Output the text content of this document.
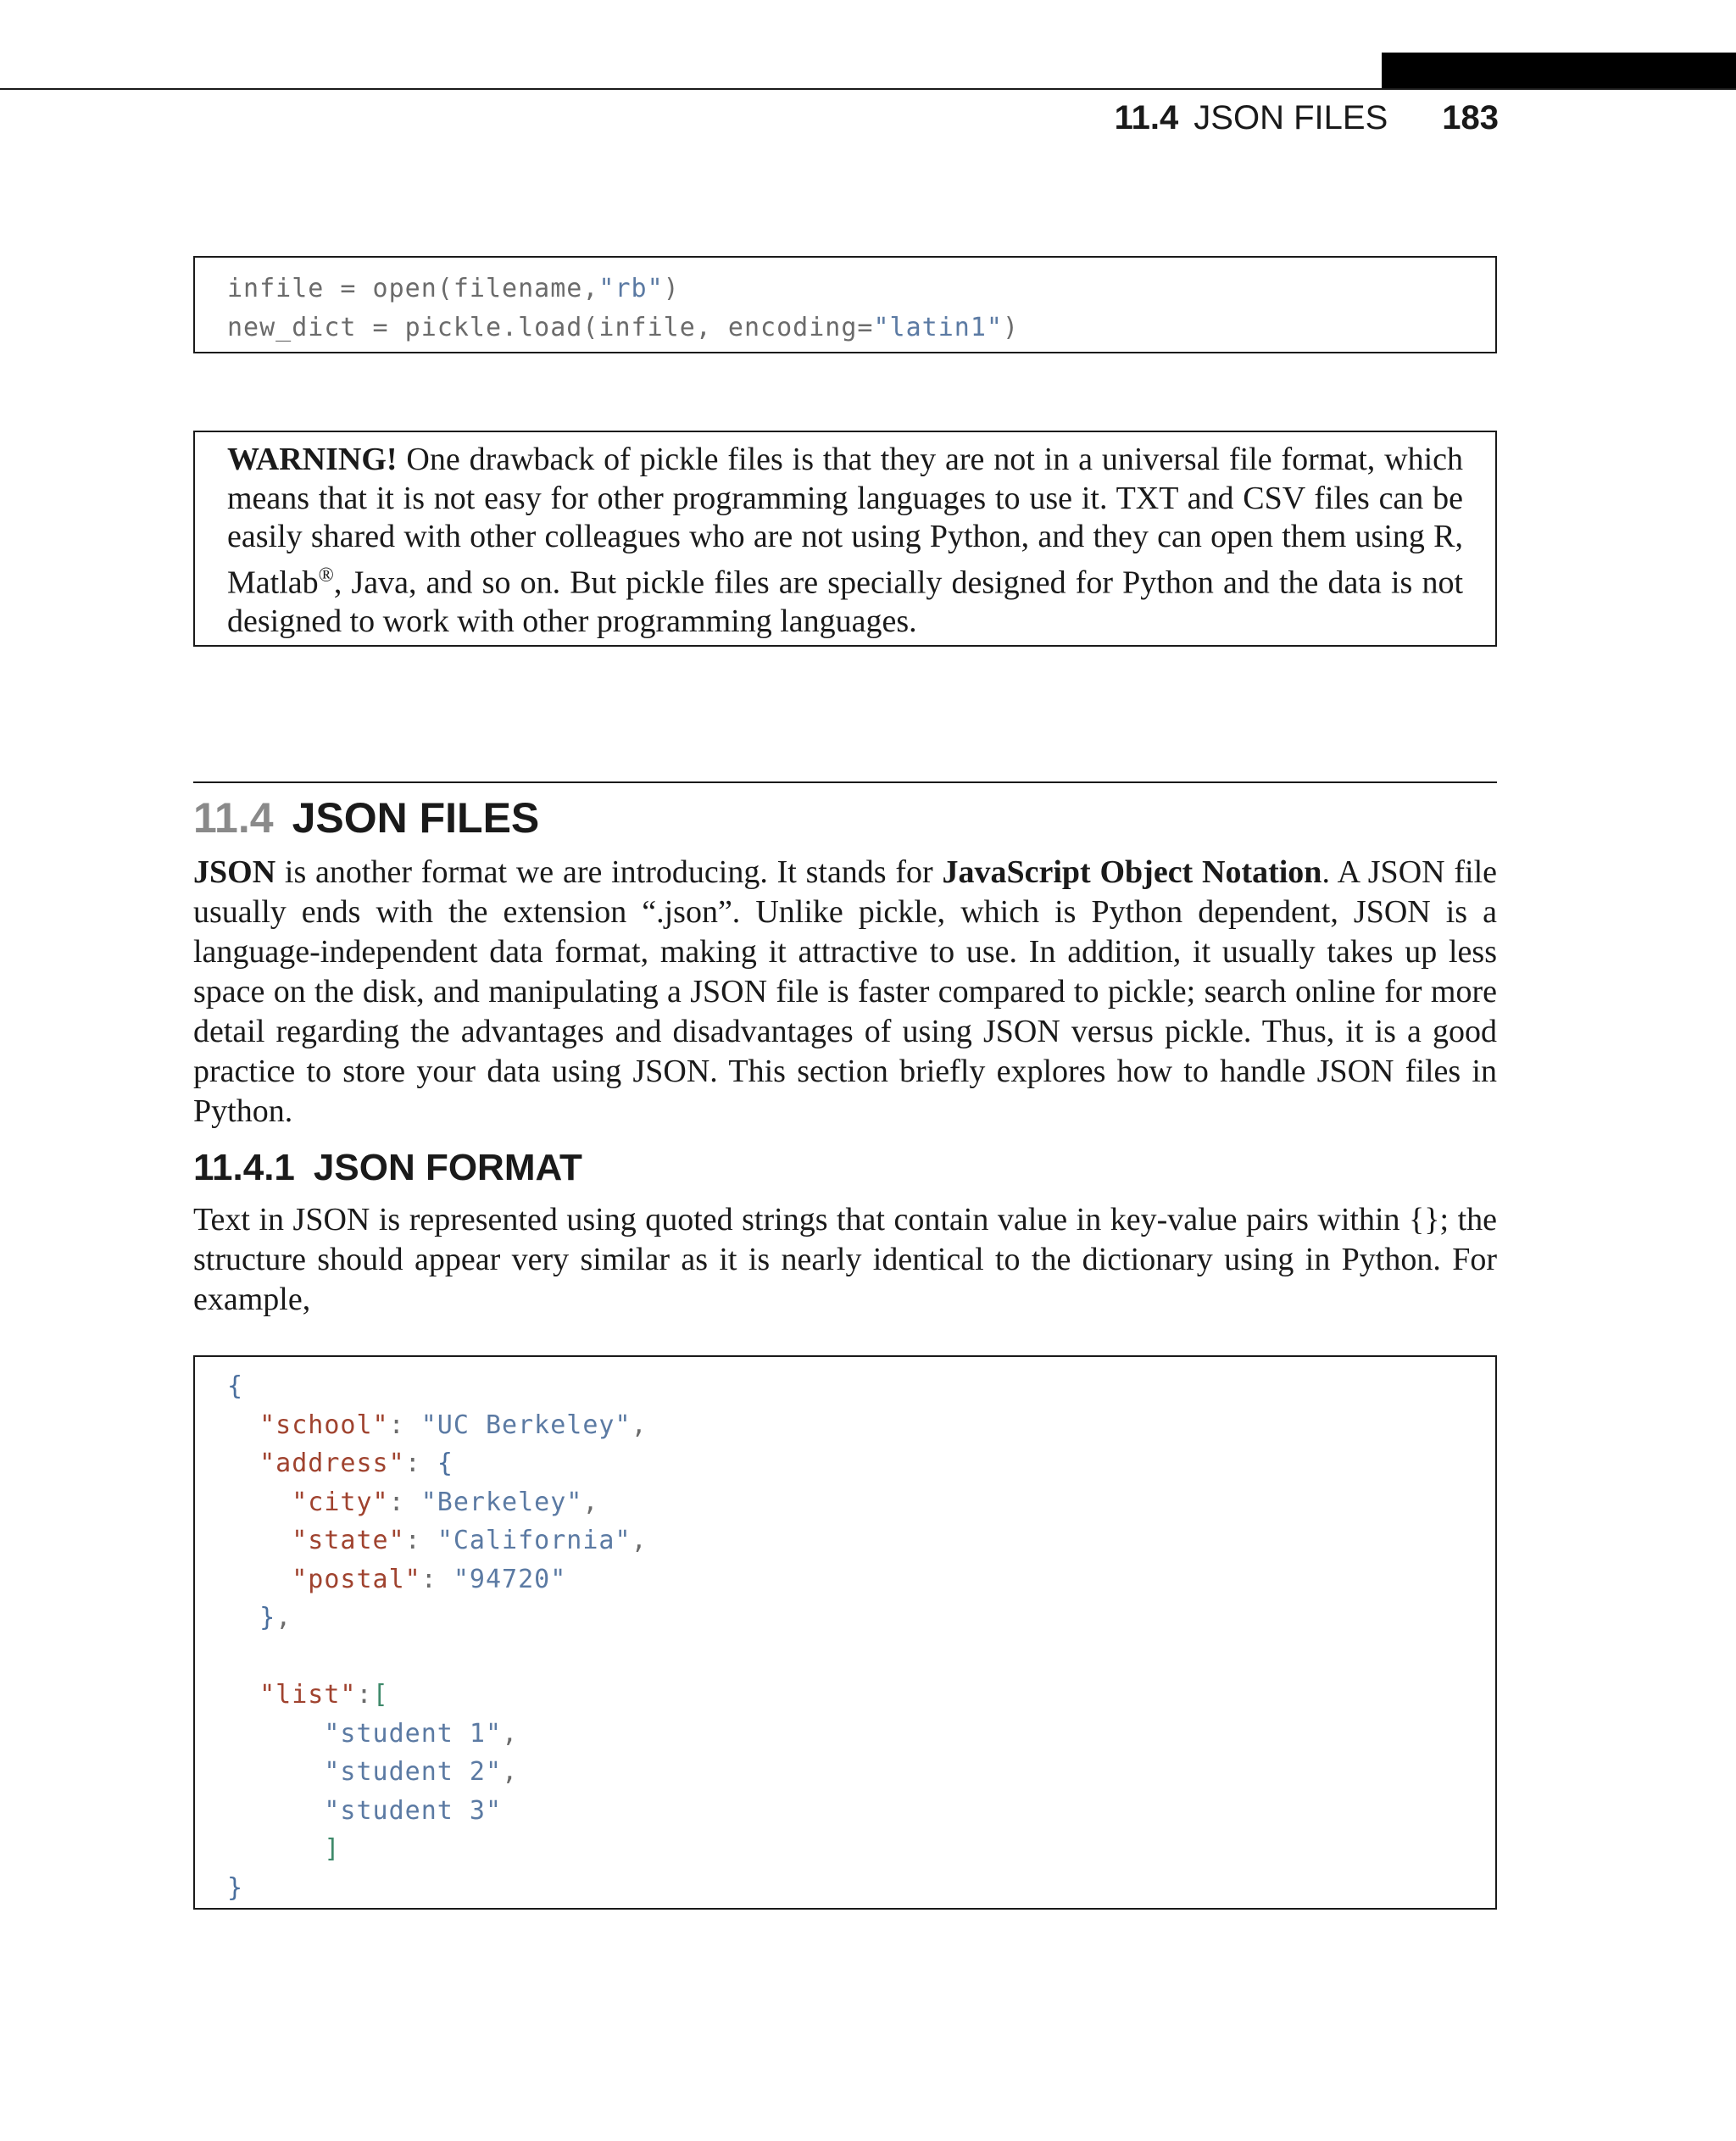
11.4 JSON FILES 183
infile = open(filename,"rb")
new_dict = pickle.load(infile, encoding="latin1")
WARNING! One drawback of pickle files is that they are not in a universal file format, which means that it is not easy for other programming languages to use it. TXT and CSV files can be easily shared with other colleagues who are not using Python, and they can open them using R, Matlab®, Java, and so on. But pickle files are specially designed for Python and the data is not designed to work with other programming languages.
11.4 JSON FILES
JSON is another format we are introducing. It stands for JavaScript Object Notation. A JSON file usually ends with the extension “.json”. Unlike pickle, which is Python dependent, JSON is a language-independent data format, making it attractive to use. In addition, it usually takes up less space on the disk, and manipulating a JSON file is faster compared to pickle; search online for more detail regarding the advantages and disadvantages of using JSON versus pickle. Thus, it is a good practice to store your data using JSON. This section briefly explores how to handle JSON files in Python.
11.4.1 JSON FORMAT
Text in JSON is represented using quoted strings that contain value in key-value pairs within {}; the structure should appear very similar as it is nearly identical to the dictionary using in Python. For example,
{
"school": "UC Berkeley",
"address": {
"city": "Berkeley",
"state": "California",
"postal": "94720"
},
"list":[
"student 1",
"student 2",
"student 3"
]
}
